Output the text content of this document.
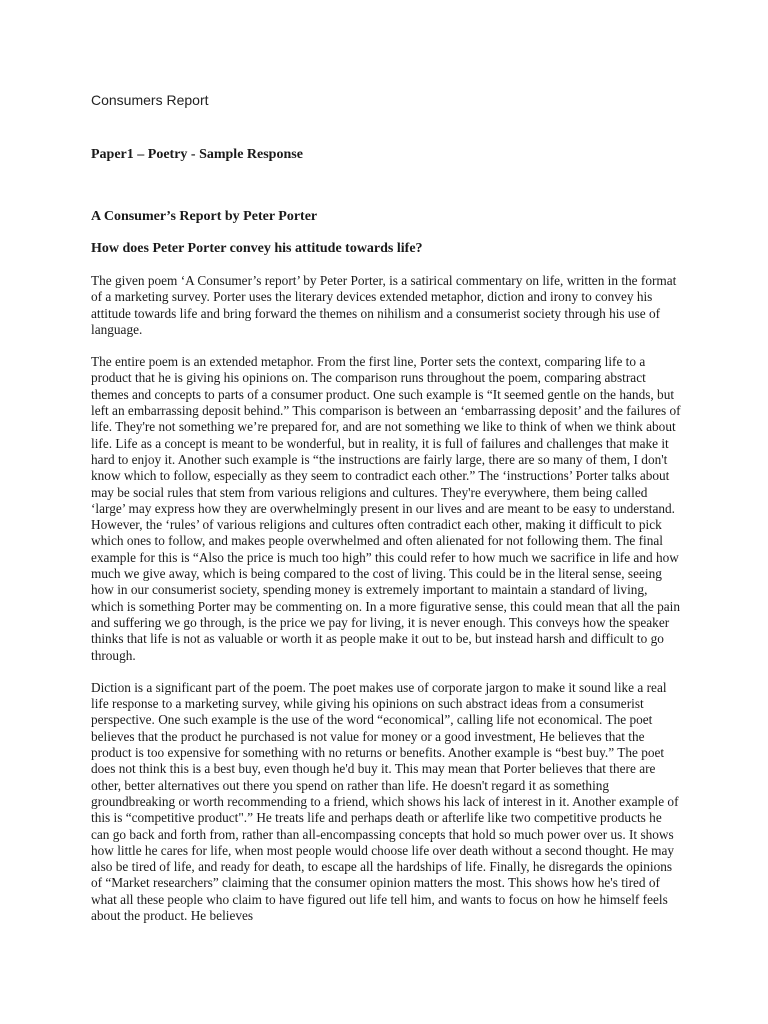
Consumers Report
Paper1 – Poetry - Sample Response
A Consumer’s Report by Peter Porter
How does Peter Porter convey his attitude towards life?

The given poem ‘A Consumer’s report’ by Peter Porter, is a satirical commentary on life, written in the format of a marketing survey. Porter uses the literary devices extended metaphor, diction and irony to convey his attitude towards life and bring forward the themes on nihilism and a consumerist society through his use of language.

The entire poem is an extended metaphor. From the first line, Porter sets the context, comparing life to a product that he is giving his opinions on. The comparison runs throughout the poem, comparing abstract themes and concepts to parts of a consumer product. One such example is “It seemed gentle on the hands, but left an embarrassing deposit behind.” This comparison is between an ‘embarrassing deposit’ and the failures of life. They're not something we’re prepared for, and are not something we like to think of when we think about life. Life as a concept is meant to be wonderful, but in reality, it is full of failures and challenges that make it hard to enjoy it. Another such example is “the instructions are fairly large, there are so many of them, I don't know which to follow, especially as they seem to contradict each other.” The ‘instructions’ Porter talks about may be social rules that stem from various religions and cultures. They're everywhere, them being called ‘large’ may express how they are overwhelmingly present in our lives and are meant to be easy to understand. However, the ‘rules’ of various religions and cultures often contradict each other, making it difficult to pick which ones to follow, and makes people overwhelmed and often alienated for not following them. The final example for this is “Also the price is much too high” this could refer to how much we sacrifice in life and how much we give away, which is being compared to the cost of living. This could be in the literal sense, seeing how in our consumerist society, spending money is extremely important to maintain a standard of living, which is something Porter may be commenting on. In a more figurative sense, this could mean that all the pain and suffering we go through, is the price we pay for living, it is never enough. This conveys how the speaker thinks that life is not as valuable or worth it as people make it out to be, but instead harsh and difficult to go through.

Diction is a significant part of the poem. The poet makes use of corporate jargon to make it sound like a real life response to a marketing survey, while giving his opinions on such abstract ideas from a consumerist perspective. One such example is the use of the word “economical”, calling life not economical. The poet believes that the product he purchased is not value for money or a good investment, He believes that the product is too expensive for something with no returns or benefits. Another example is “best buy.” The poet does not think this is a best buy, even though he'd buy it. This may mean that Porter believes that there are other, better alternatives out there you spend on rather than life. He doesn't regard it as something groundbreaking or worth recommending to a friend, which shows his lack of interest in it. Another example of this is “competitive product".” He treats life and perhaps death or afterlife like two competitive products he can go back and forth from, rather than all-encompassing concepts that hold so much power over us. It shows how little he cares for life, when most people would choose life over death without a second thought. He may also be tired of life, and ready for death, to escape all the hardships of life. Finally, he disregards the opinions of “Market researchers” claiming that the consumer opinion matters the most. This shows how he's tired of what all these people who claim to have figured out life tell him, and wants to focus on how he himself feels about the product. He believes
